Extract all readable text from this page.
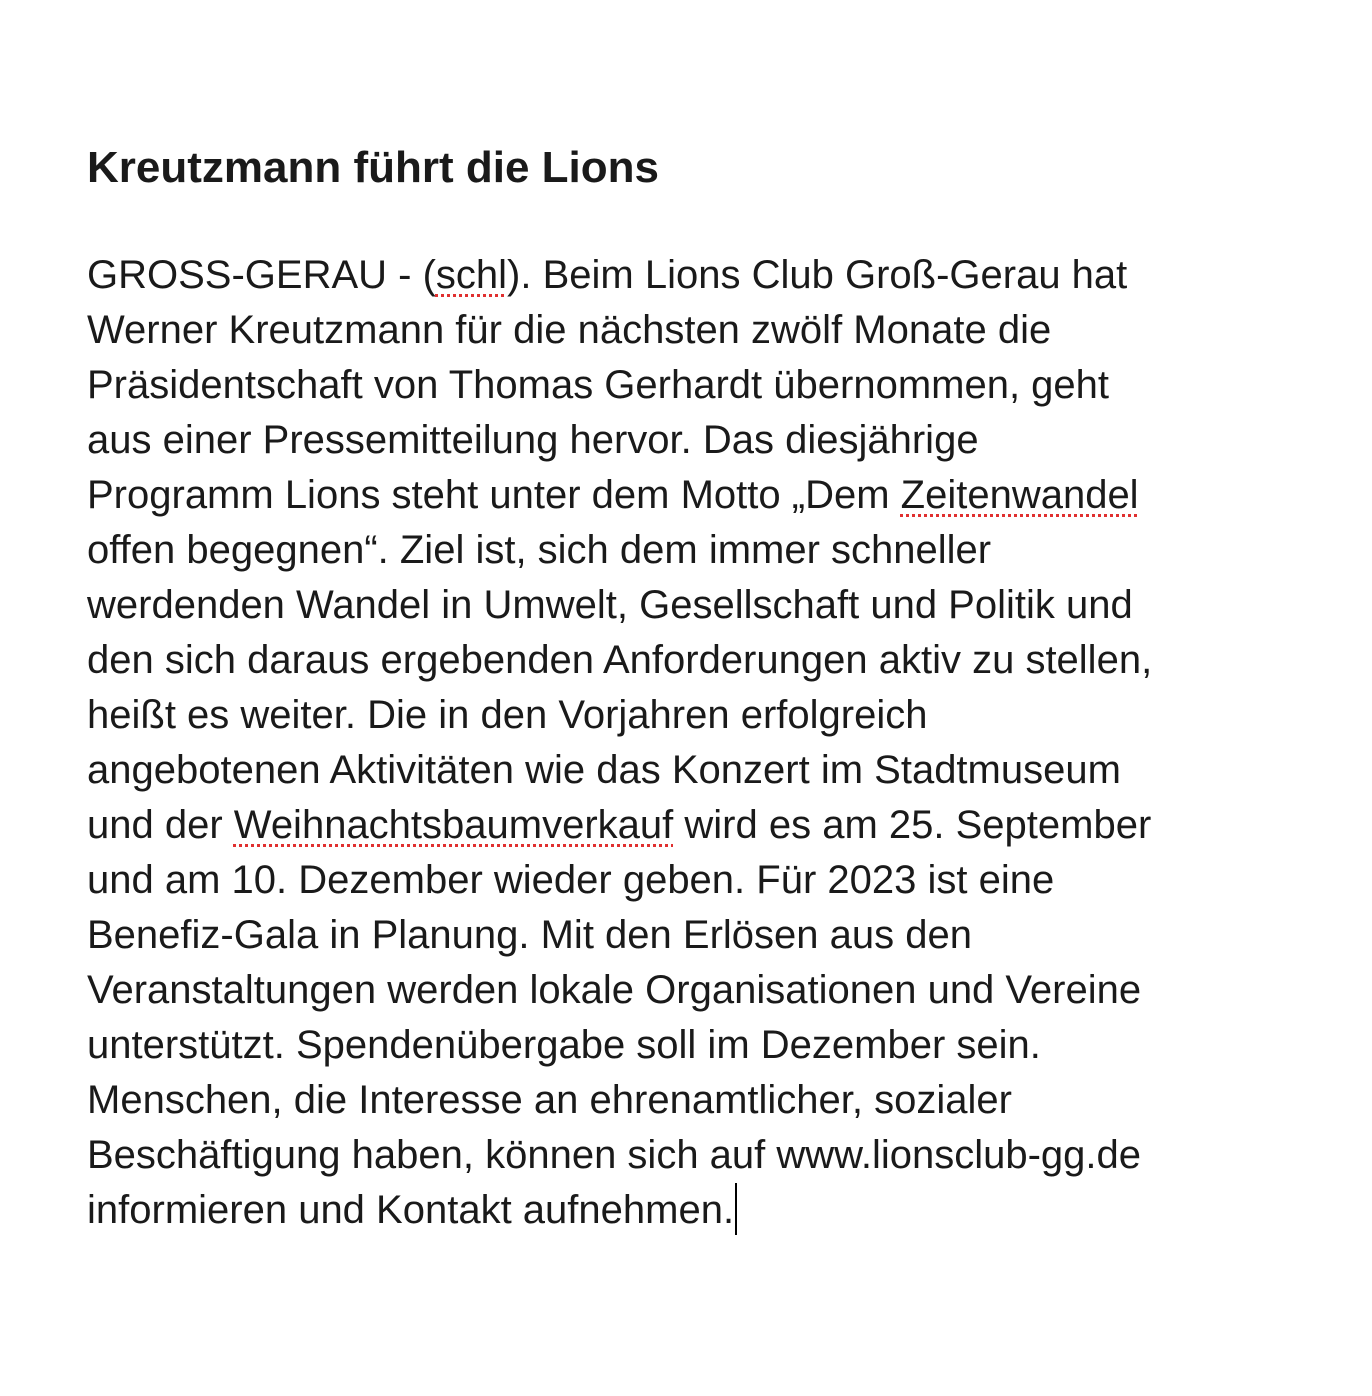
Kreutzmann führt die Lions

GROSS-GERAU - (schl). Beim Lions Club Groß-Gerau hat
Werner Kreutzmann für die nächsten zwölf Monate die
Präsidentschaft von Thomas Gerhardt übernommen, geht
aus einer Pressemitteilung hervor. Das diesjährige
Programm Lions steht unter dem Motto „Dem Zeitenwandel
offen begegnen“. Ziel ist, sich dem immer schneller
werdenden Wandel in Umwelt, Gesellschaft und Politik und
den sich daraus ergebenden Anforderungen aktiv zu stellen,
heißt es weiter. Die in den Vorjahren erfolgreich
angebotenen Aktivitäten wie das Konzert im Stadtmuseum
und der Weihnachtsbaumverkauf wird es am 25. September
und am 10. Dezember wieder geben. Für 2023 ist eine
Benefiz-Gala in Planung. Mit den Erlösen aus den
Veranstaltungen werden lokale Organisationen und Vereine
unterstützt. Spendenübergabe soll im Dezember sein.
Menschen, die Interesse an ehrenamtlicher, sozialer
Beschäftigung haben, können sich auf www.lionsclub-gg.de
informieren und Kontakt aufnehmen.
